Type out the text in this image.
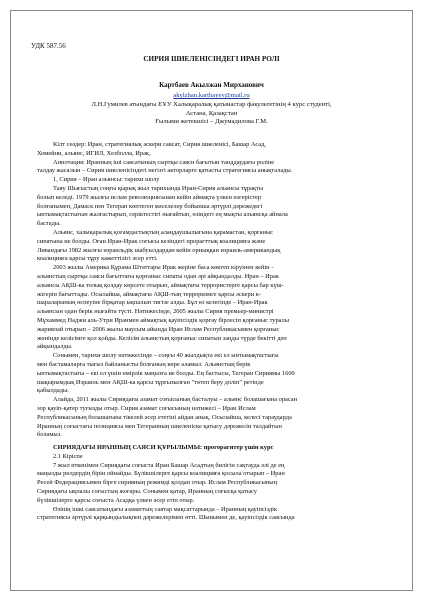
УДК 587.56
СИРИЯ ШИЕЛЕНІСІНДЕГІ ИРАН РОЛІ
Картбаев Акылжан Мирханович
akylzhan.karthayev@mail.ru
Л.Н.Гумилев атындағы ЕҰУ Халықаралық қатынастар факультетінің 4 курс студенті,
Астана, Қазақстан
Ғылыми жетекшісі – Джумадилова Г.М.
Кілт сөздер: Иран, стратегиялық әскери савсат, Сирия шиеленісі, Башар Асад,
Хомейни, альянс, ИГИЛ, Хезболла, Ирак,
Аннотация: Иранның іші саясатының сыртқы саяси бағытын танддаудағы роліне
талдау жасалын – Сирия шиеленісіндегі негізгі акторларге қатысты стратегиясы анықталады.
1, Сирия – Иран альянсы: тарихи шолу
Таяу Шығыстың соңғы қырық жыл тарихында Иран-Сирия альянсы тұрақты
болып келеді. 1979 жылғы ислам революциясынан кейін аймақта үлкен өзгерістер
болғанымен, Дамаск пен Тегеран көптеген мәселелер бойынша әртүрлі дәрежедегі
ынтымақтастығын жалғастырып, серіктестігі нығайтып, өзіндегі ең мықты альянсқа айнала
бастады.
Альянс, халықаралық қоғамдастықтың алаңдаушылығына қарамастан, қорғаныс
сипатына ие болды. Оған Иран-Ирак соғысы кезіндегі прорағттық коалицияға және
Ливандағы 1982 жылғы израильдік шабуылдардан кейін орныққан израиль-американдық
коалицияға қарсы тұру кажеттілігі әсер етті.
2003 жылы Америка Құрама Штаттары Ирак жеріне баса көктеп кіруінен кейін -
альянстың сыртқы саяси бағыттағы қорғаныс сипаты одан әрі айқындалды. Иран – Ирак
альянсы АҚШ-ка толық қолдау көрсете отырып, аймақтағы террористерге қарсы бар күш-
жігерін бағыттады. Осылайша, аймақтағы АҚШ-тың терроризмге қарсы әскери к-
шараларының өспеуіне бірқатар ықпалын тигізе алды. Бұл өз кезегінде – Иран-Ирак
альянсын одан берік нығайта түсті. Нәтижесінде, 2005 жылы Сирия премьер-министрі
Мұхаммед Наджи аль-Утри Иранмен аймақтық қауіпсіздік қорғау бірлесіп қорғаныс туралы
жариялай отырып – 2006 жылы маусым айында Иран Ислам Республикасымен қорғаныс
жөнінде келісімге қол қойды. Келісім альянстың қорғаныс сипатын заңды түрде бекітті деп
айқындалды.
Сонымен, тарихи шолу нәтижесінде – соңғы 40 жылдықта екі ел ынтымақтастығы
мен бастамаларға тығыз байланысты болғаның көре аламыз. Альянстың берік
ынтымақтастығы – екі ел үшін өмірлік маңызға ие болды. Ең бастысы, Тегеран Сириямы 1600
шақырымдық Израиль мен АҚШ-ка қарсы тұрғызылған "төтеп беру доліп" ретінде
қабылдады.
Алайда, 2011 жылы Сириядағы азамат соғысының басталуы – альянс болашағына орасан
зор қауіп-қатер туғызды отыр. Сирия азамат соғысының нәтижесі – Иран Ислам
Республикасының болашағына тікелей әсер ететіні айдан анық. Осылайша, келесі тараударда
Иранның соғыстағы позициясы мен Тегеранның шиеленіске қатысу дәрежесін талдайтын
боламыз.
СИРИЯДАҒЫ ИРАННЫҢ САЯСИ ҚҰРЫЛЫМЫ: прогорагитер үшін курс
2.1 Кіріспе
7 жыл өткенімен Сириядағы соғыста Иран Башар Асадтың билігін сақтауда әлі де ең
маңызды рөлдердің бірін ойнайды. Бүлікшілерге қарсы коалицияға қосыла отырып – Иран
Ресей Федерациясымен бірге сирияның режимді қолдап отыр. Ислам Республикасының
Сириядағы ықпалы соғыстың жоғары. Сонымен қатар, Иранның соғысқа қатысу
бүлікшілерге қарсы соғыста Асадқа үлкен әсер етіп отыр.
Өзінің ішкі саясатындағы азаматтың саятар мақсаттарында – Иранның қауіпсіздік
стратегиясы әртүрлі қарқындылықпен дәрежелерімен өтті. Шынымен де, қауіпсіздік саясында
